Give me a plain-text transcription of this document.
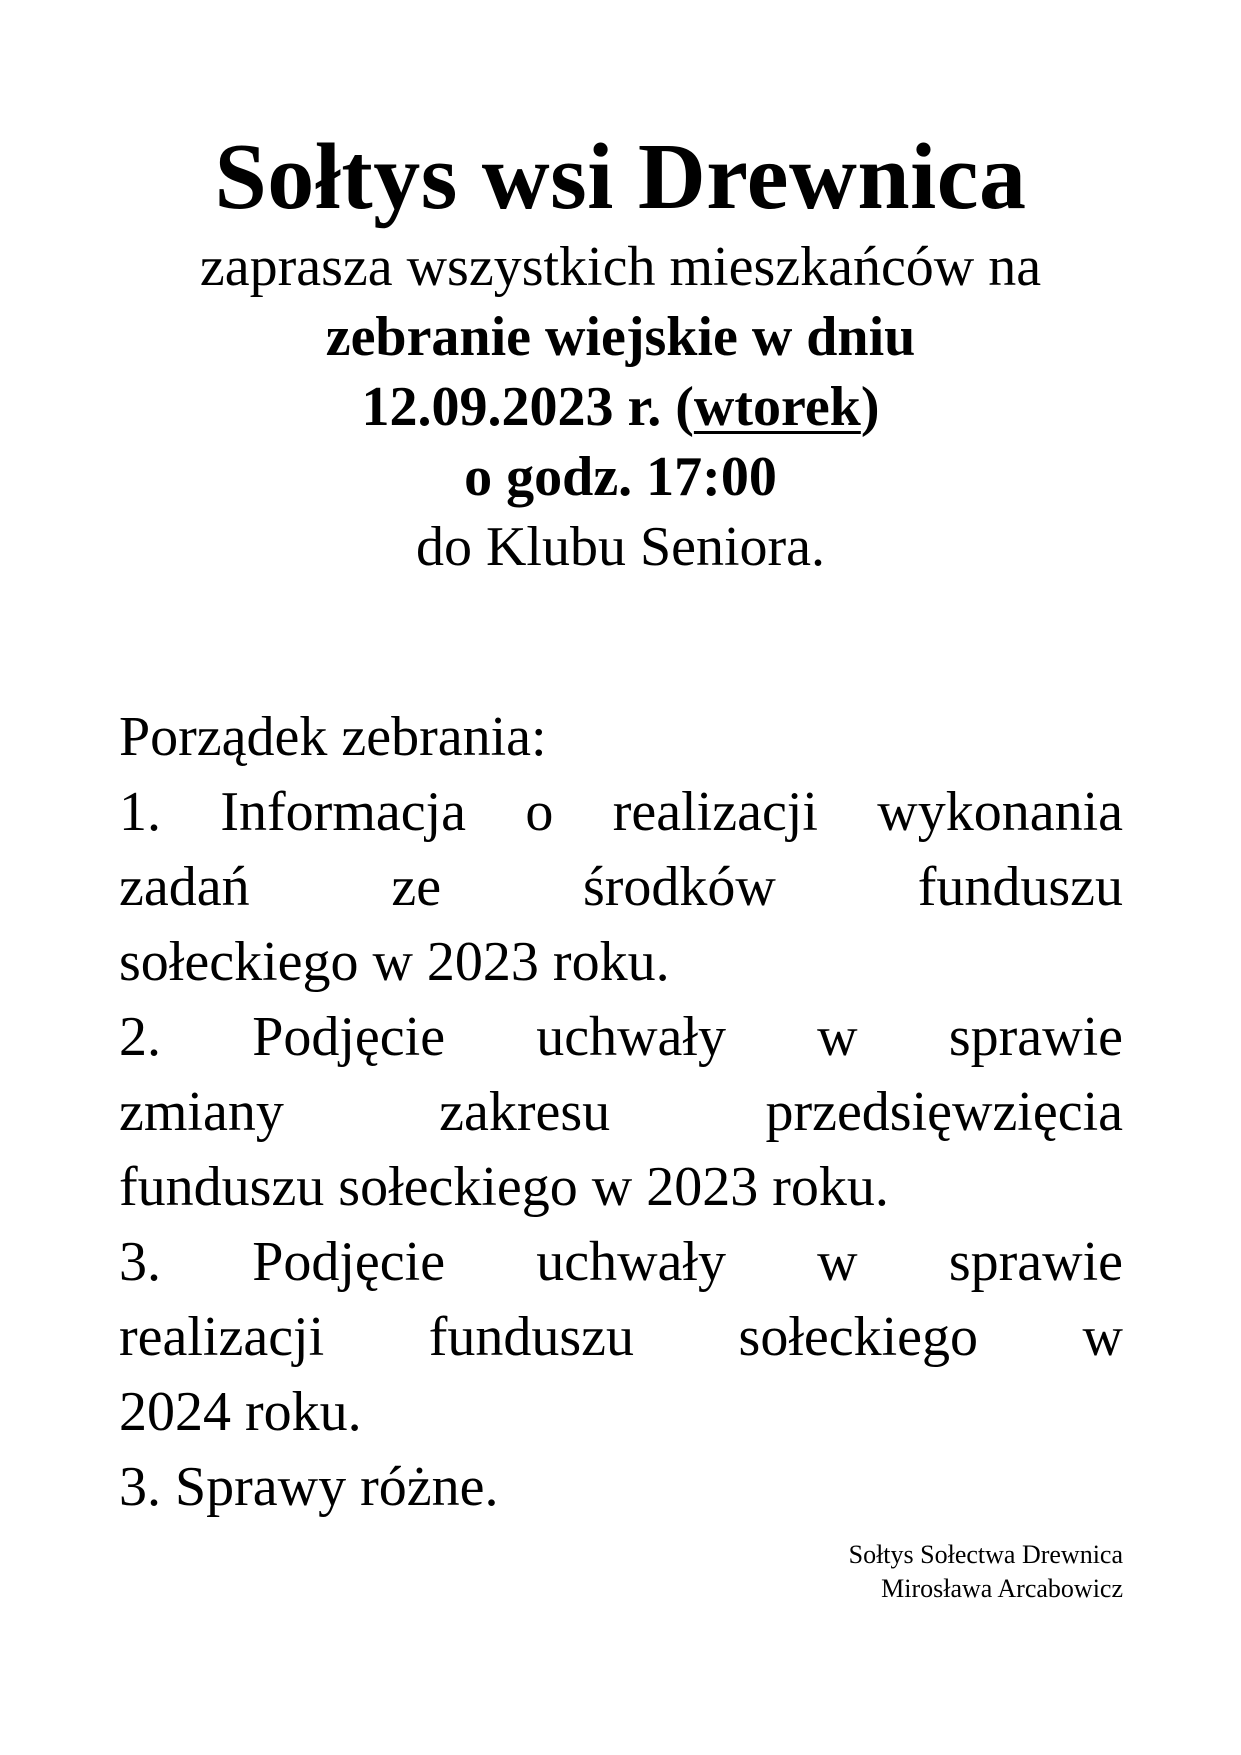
Sołtys wsi Drewnica

zaprasza wszystkich mieszkańców na

zebranie wiejskie w dniu

12.09.2023 r. (wtorek)

o godz. 17:00

do Klubu Seniora.

Porządek zebrania:

1. Informacja o realizacji wykonania
zadań ze środków funduszu
sołeckiego w 2023 roku.
2. Podjęcie uchwały w sprawie
zmiany zakresu przedsięwzięcia
funduszu sołeckiego w 2023 roku.
3. Podjęcie uchwały w sprawie
realizacji funduszu sołeckiego w
2024 roku.
3. Sprawy różne.
Sołtys Sołectwa Drewnica
Mirosława Arcabowicz
